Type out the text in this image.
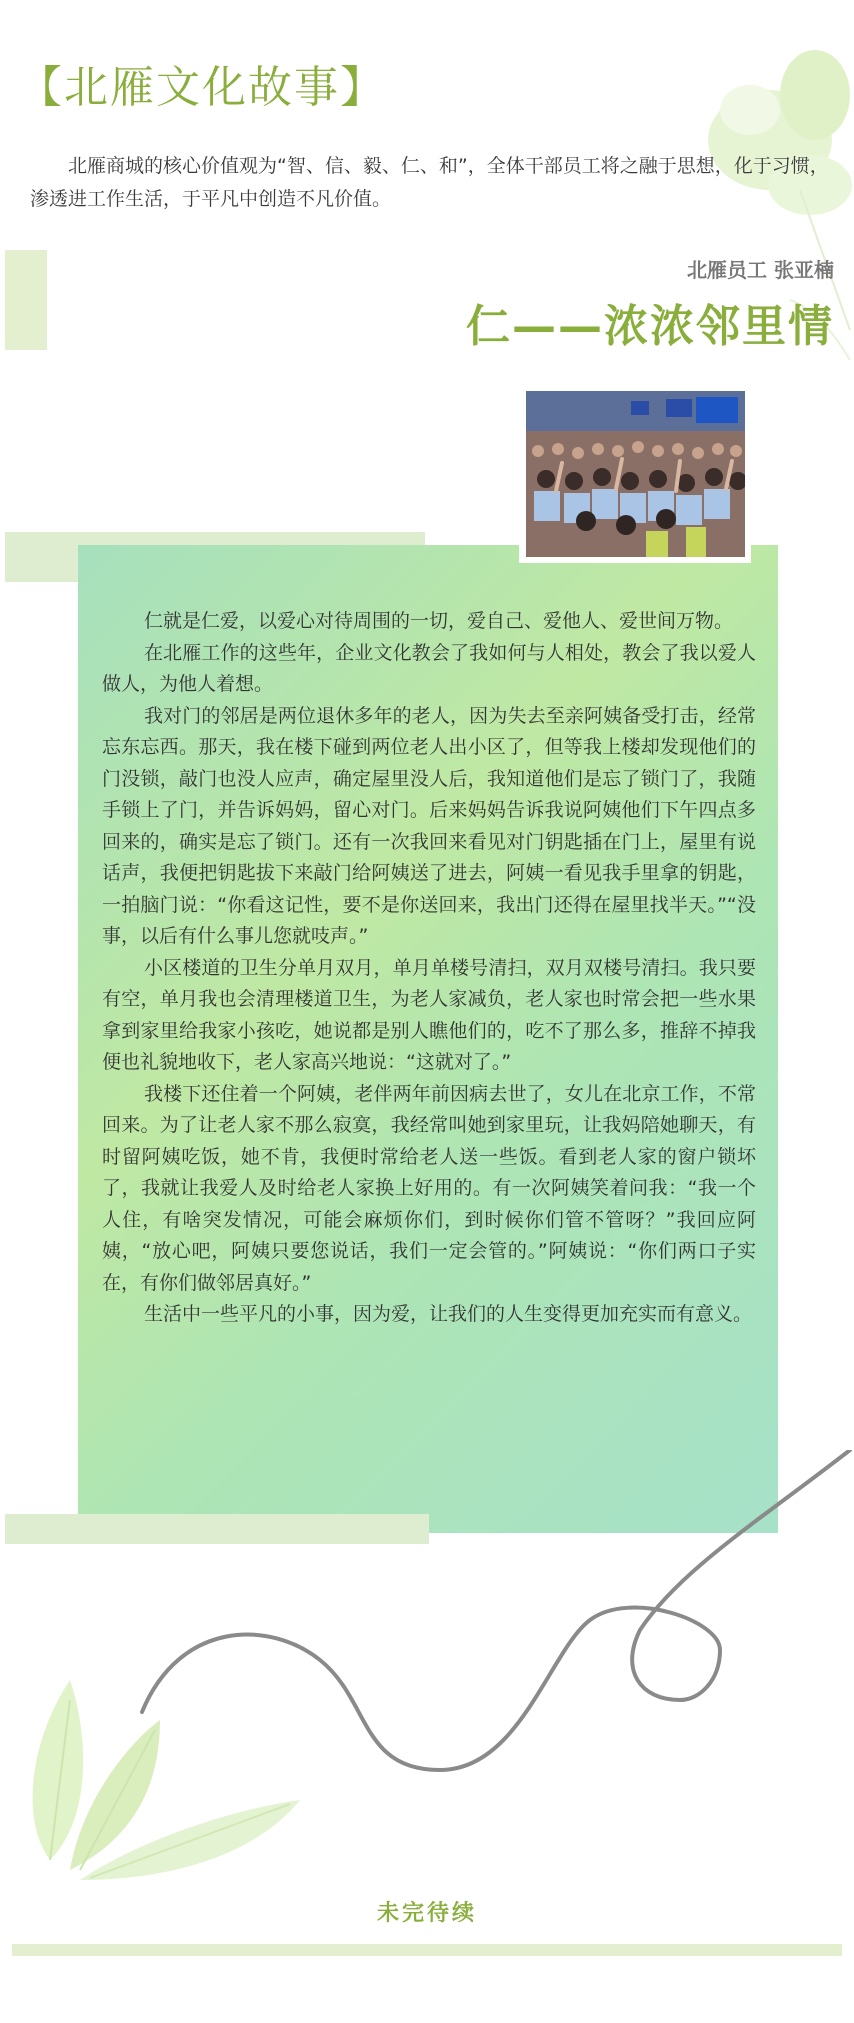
【北雁文化故事】
北雁商城的核心价值观为“智、信、毅、仁、和”，全体干部员工将之融于思想，化于习惯，渗透进工作生活，于平凡中创造不凡价值。
北雁员工 张亚楠
仁——浓浓邻里情

仁就是仁爱，以爱心对待周围的一切，爱自己、爱他人、爱世间万物。

在北雁工作的这些年，企业文化教会了我如何与人相处，教会了我以爱人做人，为他人着想。

我对门的邻居是两位退休多年的老人，因为失去至亲阿姨备受打击，经常忘东忘西。那天，我在楼下碰到两位老人出小区了，但等我上楼却发现他们的门没锁，敲门也没人应声，确定屋里没人后，我知道他们是忘了锁门了，我随手锁上了门，并告诉妈妈，留心对门。后来妈妈告诉我说阿姨他们下午四点多回来的，确实是忘了锁门。还有一次我回来看见对门钥匙插在门上，屋里有说话声，我便把钥匙拔下来敲门给阿姨送了进去，阿姨一看见我手里拿的钥匙，一拍脑门说：“你看这记性，要不是你送回来，我出门还得在屋里找半天。”“没事，以后有什么事儿您就吱声。”

小区楼道的卫生分单月双月，单月单楼号清扫，双月双楼号清扫。我只要有空，单月我也会清理楼道卫生，为老人家减负，老人家也时常会把一些水果拿到家里给我家小孩吃，她说都是别人瞧他们的，吃不了那么多，推辞不掉我便也礼貌地收下，老人家高兴地说：“这就对了。”

我楼下还住着一个阿姨，老伴两年前因病去世了，女儿在北京工作，不常回来。为了让老人家不那么寂寞，我经常叫她到家里玩，让我妈陪她聊天，有时留阿姨吃饭，她不肯，我便时常给老人送一些饭。看到老人家的窗户锁坏了，我就让我爱人及时给老人家换上好用的。有一次阿姨笑着问我：“我一个人住，有啥突发情况，可能会麻烦你们，到时候你们管不管呀？”我回应阿姨，“放心吧，阿姨只要您说话，我们一定会管的。”阿姨说：“你们两口子实在，有你们做邻居真好。”

生活中一些平凡的小事，因为爱，让我们的人生变得更加充实而有意义。

未完待续
